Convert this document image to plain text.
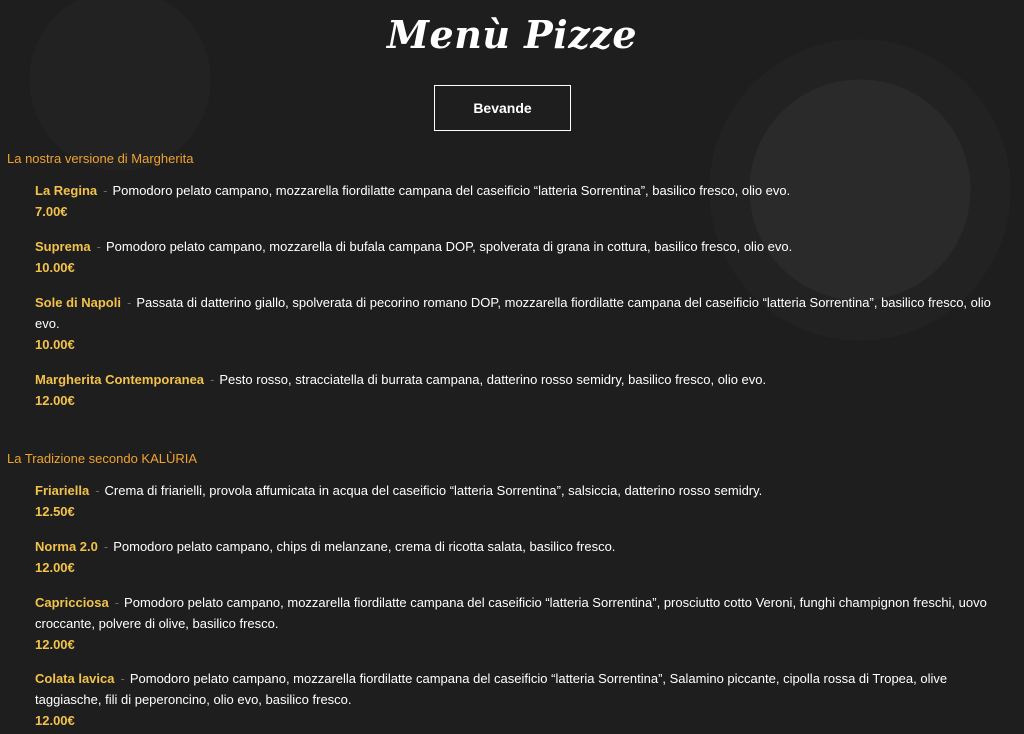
Menù Pizze
Bevande
La nostra versione di Margherita
La Regina - Pomodoro pelato campano, mozzarella fiordilatte campana del caseificio “latteria Sorrentina”, basilico fresco, olio evo.
7.00€
Suprema - Pomodoro pelato campano, mozzarella di bufala campana DOP, spolverata di grana in cottura, basilico fresco, olio evo.
10.00€
Sole di Napoli - Passata di datterino giallo, spolverata di pecorino romano DOP, mozzarella fiordilatte campana del caseificio “latteria Sorrentina”, basilico fresco, olio evo.
10.00€
Margherita Contemporanea - Pesto rosso, stracciatella di burrata campana, datterino rosso semidry, basilico fresco, olio evo.
12.00€
La Tradizione secondo KALÙRIA
Friariella - Crema di friarielli, provola affumicata in acqua del caseificio “latteria Sorrentina”, salsiccia, datterino rosso semidry.
12.50€
Norma 2.0 - Pomodoro pelato campano, chips di melanzane, crema di ricotta salata, basilico fresco.
12.00€
Capricciosa - Pomodoro pelato campano, mozzarella fiordilatte campana del caseificio “latteria Sorrentina”, prosciutto cotto Veroni, funghi champignon freschi, uovo croccante, polvere di olive, basilico fresco.
12.00€
Colata lavica - Pomodoro pelato campano, mozzarella fiordilatte campana del caseificio “latteria Sorrentina”, Salamino piccante, cipolla rossa di Tropea, olive taggiasche, fili di peperoncino, olio evo, basilico fresco.
12.00€
